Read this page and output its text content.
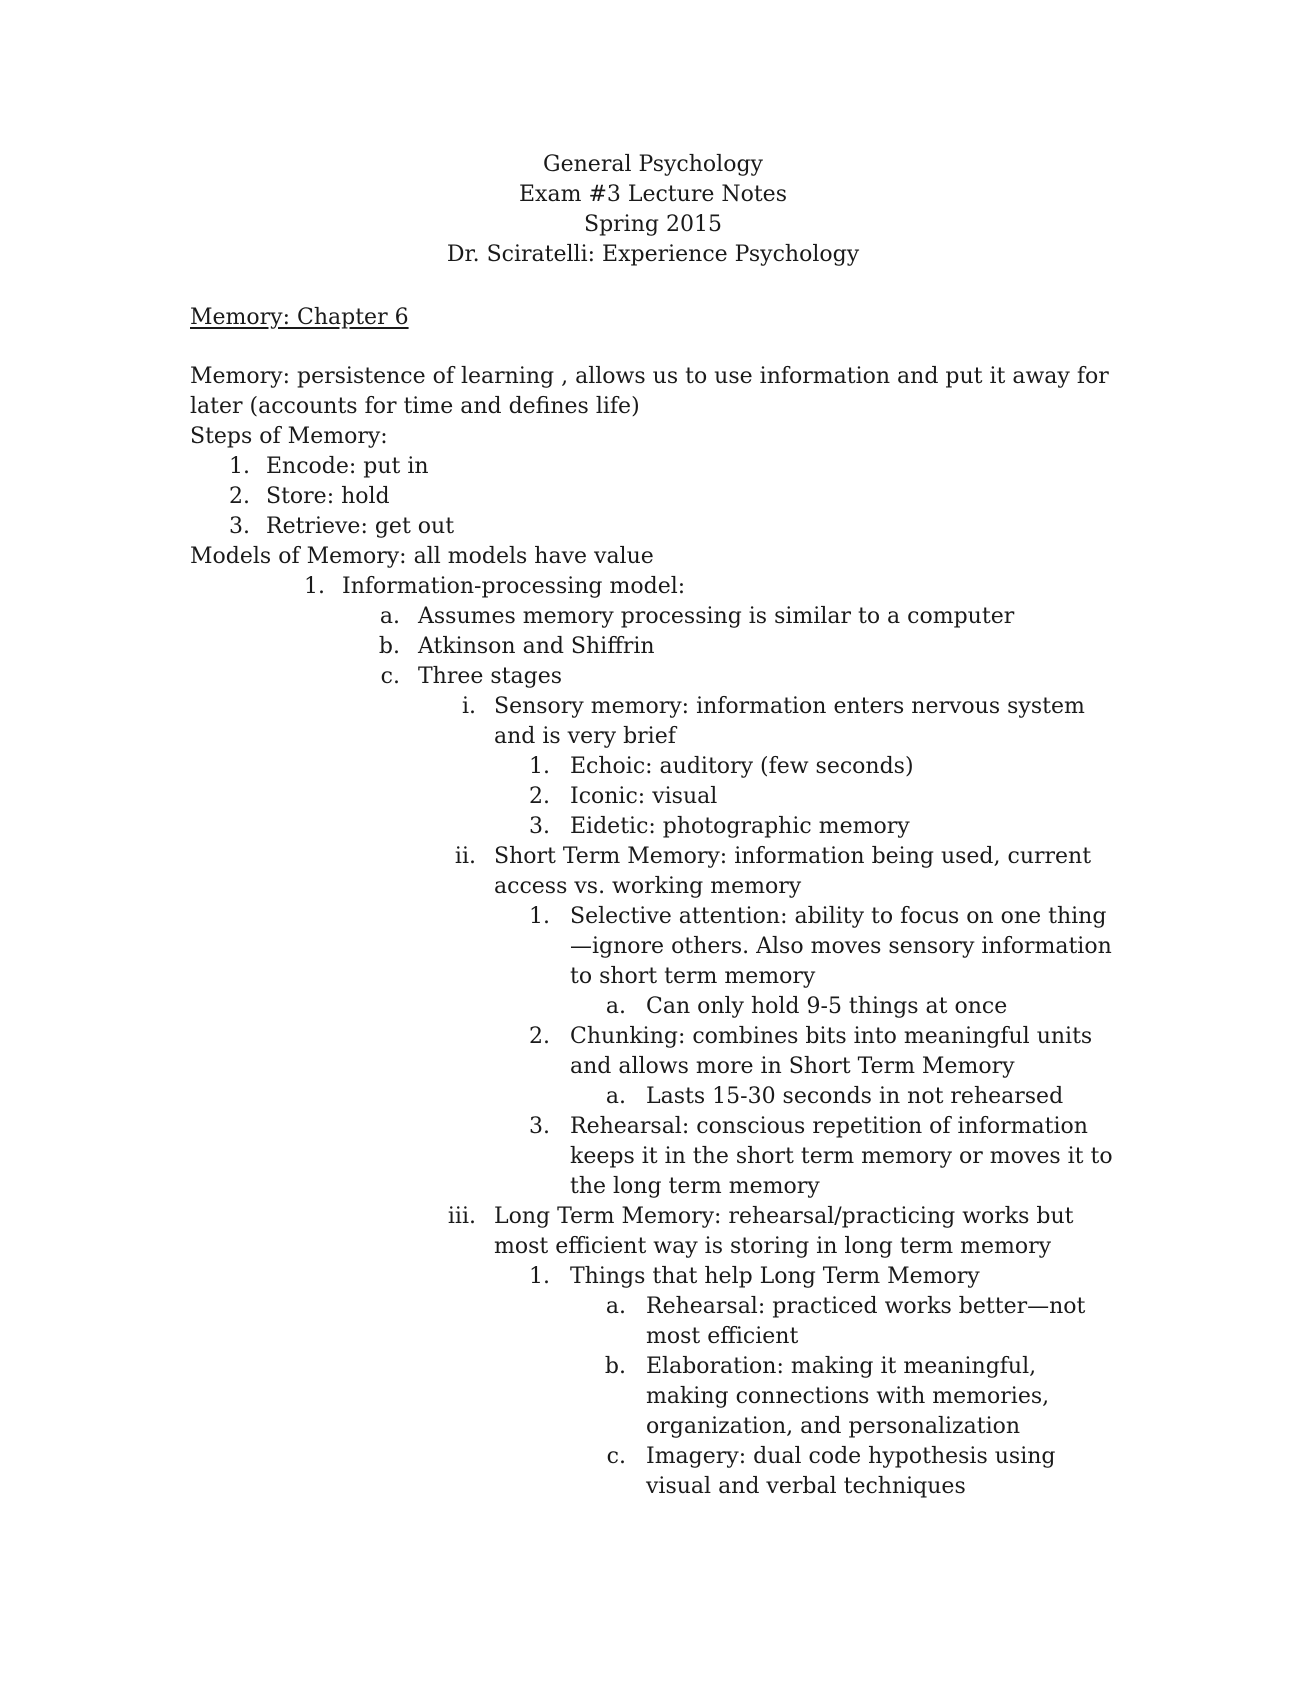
General Psychology
Exam #3 Lecture Notes
Spring 2015
Dr. Sciratelli: Experience Psychology
Memory: Chapter 6
Memory: persistence of learning , allows us to use information and put it away for
later (accounts for time and defines life)
Steps of Memory:
1. Encode: put in
2. Store: hold
3. Retrieve: get out
Models of Memory: all models have value
1. Information-processing model:
a. Assumes memory processing is similar to a computer
b. Atkinson and Shiffrin
c. Three stages
i. Sensory memory: information enters nervous system
and is very brief
1. Echoic: auditory (few seconds)
2. Iconic: visual
3. Eidetic: photographic memory
ii. Short Term Memory: information being used, current
access vs. working memory
1. Selective attention: ability to focus on one thing
—ignore others. Also moves sensory information
to short term memory
a. Can only hold 9-5 things at once
2. Chunking: combines bits into meaningful units
and allows more in Short Term Memory
a. Lasts 15-30 seconds in not rehearsed
3. Rehearsal: conscious repetition of information
keeps it in the short term memory or moves it to
the long term memory
iii. Long Term Memory: rehearsal/practicing works but
most efficient way is storing in long term memory
1. Things that help Long Term Memory
a. Rehearsal: practiced works better—not
most efficient
b. Elaboration: making it meaningful,
making connections with memories,
organization, and personalization
c. Imagery: dual code hypothesis using
visual and verbal techniques
